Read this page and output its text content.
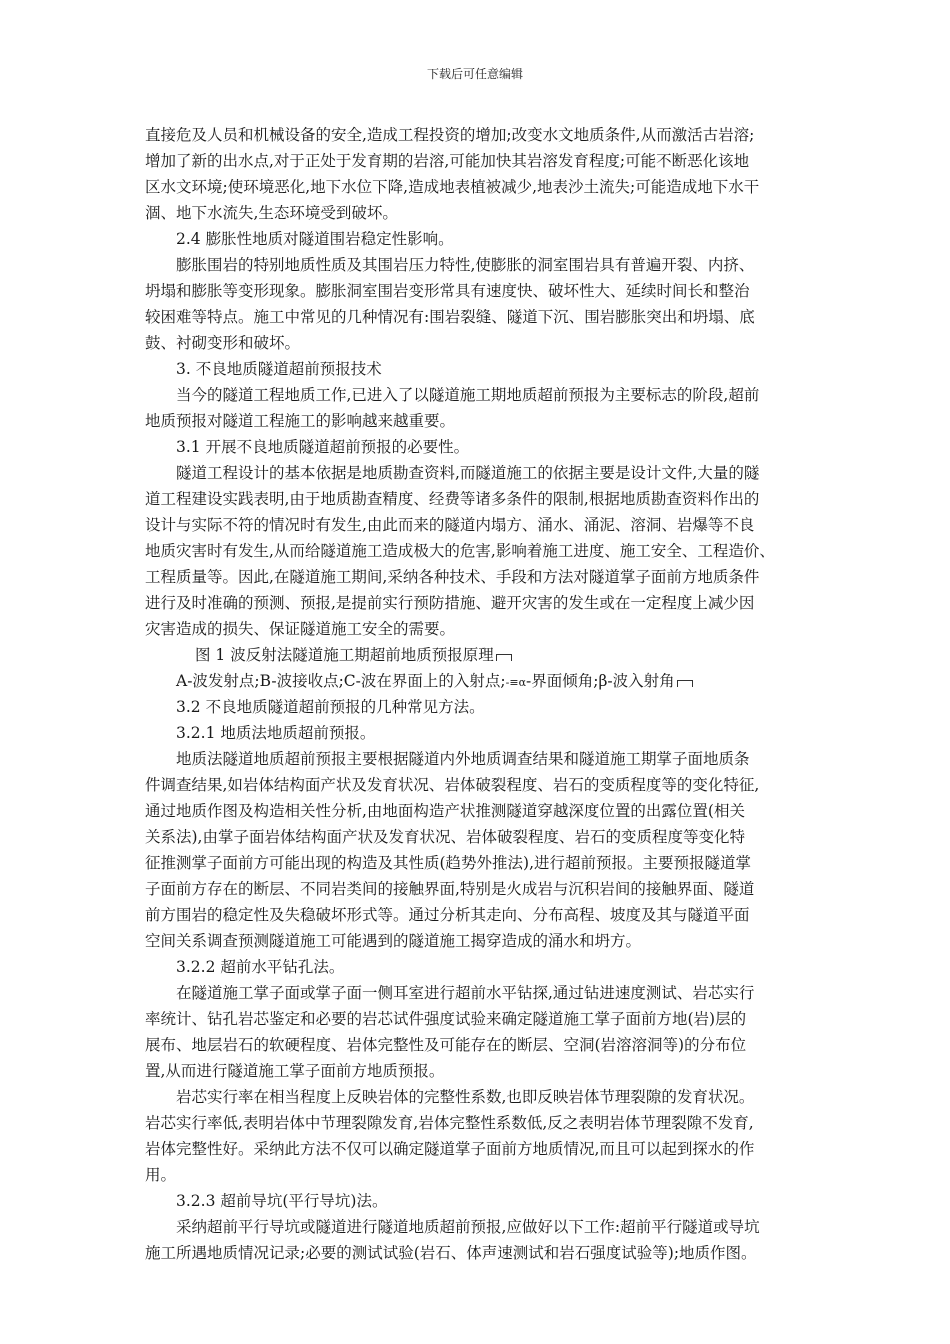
下载后可任意编辑
直接危及人员和机械设备的安全,造成工程投资的增加;改变水文地质条件,从而激活古岩溶;
增加了新的出水点,对于正处于发育期的岩溶,可能加快其岩溶发育程度;可能不断恶化该地
区水文环境;使环境恶化,地下水位下降,造成地表植被减少,地表沙土流失;可能造成地下水干
涸、地下水流失,生态环境受到破坏。
2.4 膨胀性地质对隧道围岩稳定性影响。
膨胀围岩的特别地质性质及其围岩压力特性,使膨胀的洞室围岩具有普遍开裂、内挤、
坍塌和膨胀等变形现象。膨胀洞室围岩变形常具有速度快、破坏性大、延续时间长和整治
较困难等特点。施工中常见的几种情况有:围岩裂缝、隧道下沉、围岩膨胀突出和坍塌、底
鼓、衬砌变形和破坏。
3. 不良地质隧道超前预报技术
当今的隧道工程地质工作,已进入了以隧道施工期地质超前预报为主要标志的阶段,超前
地质预报对隧道工程施工的影响越来越重要。
3.1 开展不良地质隧道超前预报的必要性。
隧道工程设计的基本依据是地质勘查资料,而隧道施工的依据主要是设计文件,大量的隧
道工程建设实践表明,由于地质勘查精度、经费等诸多条件的限制,根据地质勘查资料作出的
设计与实际不符的情况时有发生,由此而来的隧道内塌方、涌水、涌泥、溶洞、岩爆等不良
地质灾害时有发生,从而给隧道施工造成极大的危害,影响着施工进度、施工安全、工程造价、
工程质量等。因此,在隧道施工期间,采纳各种技术、手段和方法对隧道掌子面前方地质条件
进行及时准确的预测、预报,是提前实行预防措施、避开灾害的发生或在一定程度上减少因
灾害造成的损失、保证隧道施工安全的需要。
图 1 波反射法隧道施工期超前地质预报原理
A-波发射点;B-波接收点;C-波在界面上的入射点;-≡α-界面倾角;β-波入射角
3.2 不良地质隧道超前预报的几种常见方法。
3.2.1 地质法地质超前预报。
地质法隧道地质超前预报主要根据隧道内外地质调查结果和隧道施工期掌子面地质条
件调查结果,如岩体结构面产状及发育状况、岩体破裂程度、岩石的变质程度等的变化特征,
通过地质作图及构造相关性分析,由地面构造产状推测隧道穿越深度位置的出露位置(相关
关系法),由掌子面岩体结构面产状及发育状况、岩体破裂程度、岩石的变质程度等变化特
征推测掌子面前方可能出现的构造及其性质(趋势外推法),进行超前预报。主要预报隧道掌
子面前方存在的断层、不同岩类间的接触界面,特别是火成岩与沉积岩间的接触界面、隧道
前方围岩的稳定性及失稳破坏形式等。通过分析其走向、分布高程、坡度及其与隧道平面
空间关系调查预测隧道施工可能遇到的隧道施工揭穿造成的涌水和坍方。
3.2.2 超前水平钻孔法。
在隧道施工掌子面或掌子面一侧耳室进行超前水平钻探,通过钻进速度测试、岩芯实行
率统计、钻孔岩芯鉴定和必要的岩芯试件强度试验来确定隧道施工掌子面前方地(岩)层的
展布、地层岩石的软硬程度、岩体完整性及可能存在的断层、空洞(岩溶溶洞等)的分布位
置,从而进行隧道施工掌子面前方地质预报。
岩芯实行率在相当程度上反映岩体的完整性系数,也即反映岩体节理裂隙的发育状况。
岩芯实行率低,表明岩体中节理裂隙发育,岩体完整性系数低,反之表明岩体节理裂隙不发育,
岩体完整性好。采纳此方法不仅可以确定隧道掌子面前方地质情况,而且可以起到探水的作
用。
3.2.3 超前导坑(平行导坑)法。
采纳超前平行导坑或隧道进行隧道地质超前预报,应做好以下工作:超前平行隧道或导坑
施工所遇地质情况记录;必要的测试试验(岩石、体声速测试和岩石强度试验等);地质作图。
